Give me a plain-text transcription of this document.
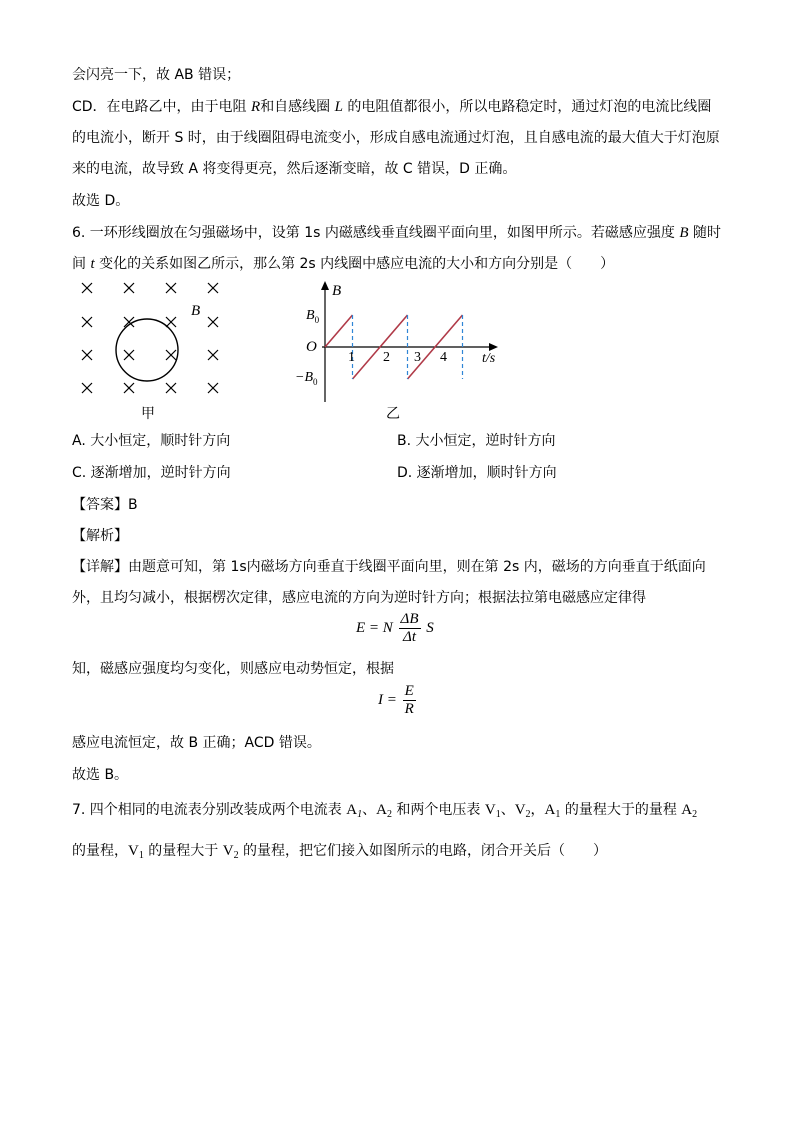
会闪亮一下，故 AB 错误；
CD．在电路乙中，由于电阻 R和自感线圈 L 的电阻值都很小，所以电路稳定时，通过灯泡的电流比线圈
的电流小，断开 S 时，由于线圈阻碍电流变小，形成自感电流通过灯泡，且自感电流的最大值大于灯泡原
来的电流，故导致 A 将变得更亮，然后逐渐变暗，故 C 错误，D 正确。
故选 D。
6. 一环形线圈放在匀强磁场中，设第 1s 内磁感线垂直线圈平面向里，如图甲所示。若磁感应强度 B 随时
间 t 变化的关系如图乙所示，那么第 2s 内线圈中感应电流的大小和方向分别是（　　）
B
B
O
$B_0$
$-B_0$
1 2 3 4	t/s
甲	乙
A. 大小恒定，顺时针方向	B. 大小恒定，逆时针方向
C. 逐渐增加，逆时针方向	D. 逐渐增加，顺时针方向
【答案】B
【解析】
【详解】由题意可知，第 1s内磁场方向垂直于线圈平面向里，则在第 2s 内，磁场的方向垂直于纸面向
外，且均匀减小，根据楞次定律，感应电流的方向为逆时针方向；根据法拉第电磁感应定律得
E = N $\frac{\Delta B}{\Delta t}$ S
知，磁感应强度均匀变化，则感应电动势恒定，根据
$I = \frac{E}{R}$
感应电流恒定，故 B 正确；ACD 错误。
故选 B。
7. 四个相同的电流表分别改装成两个电流表 $A_1$、$A_2$ 和两个电压表 $V_1$、$V_2$，$A_1$ 的量程大于的量程 $A_2$
的量程，$V_1$ 的量程大于 $V_2$ 的量程，把它们接入如图所示的电路，闭合开关后（　　）
